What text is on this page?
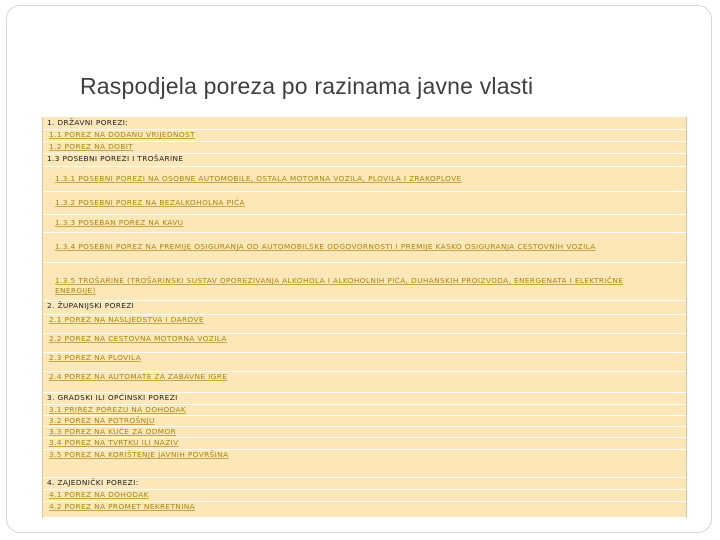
Raspodjela poreza po razinama javne vlasti
1. DRŽAVNI POREZI:
1.1 POREZ NA DODANU VRIJEDNOST
1.2 POREZ NA DOBIT
1.3 POSEBNI POREZI I TROŠARINE
1.3.1 POSEBNI POREZI NA OSOBNE AUTOMOBILE, OSTALA MOTORNA VOZILA, PLOVILA I ZRAKOPLOVE
1.3.2 POSEBNI POREZ NA BEZALKOHOLNA PIĆA
1.3.3 POSEBAN POREZ NA KAVU
1.3.4 POSEBNI POREZ NA PREMIJE OSIGURANJA OD AUTOMOBILSKE ODGOVORNOSTI I PREMIJE KASKO OSIGURANJA CESTOVNIH VOZILA
1.3.5 TROŠARINE (TROŠARINSKI SUSTAV OPOREZIVANJA ALKOHOLA I ALKOHOLNIH PIĆA, DUHANSKIH PROIZVODA, ENERGENATA I ELEKTRIČNE ENERGIJE)
2. ŽUPANIJSKI POREZI
2.1 POREZ NA NASLJEDSTVA I DAROVE
2.2 POREZ NA CESTOVNA MOTORNA VOZILA
2.3 POREZ NA PLOVILA
2.4 POREZ NA AUTOMATE ZA ZABAVNE IGRE
3. GRADSKI ILI OPĆINSKI POREZI
3.1 PRIREZ POREZU NA DOHODAK
3.2 POREZ NA POTROŠNJU
3.3 POREZ NA KUĆE ZA ODMOR
3.4 POREZ NA TVRTKU ILI NAZIV
3.5 POREZ NA KORIŠTENJE JAVNIH POVRŠINA
4. ZAJEDNIČKI POREZI:
4.1 POREZ NA DOHODAK
4.2 POREZ NA PROMET NEKRETNINA
